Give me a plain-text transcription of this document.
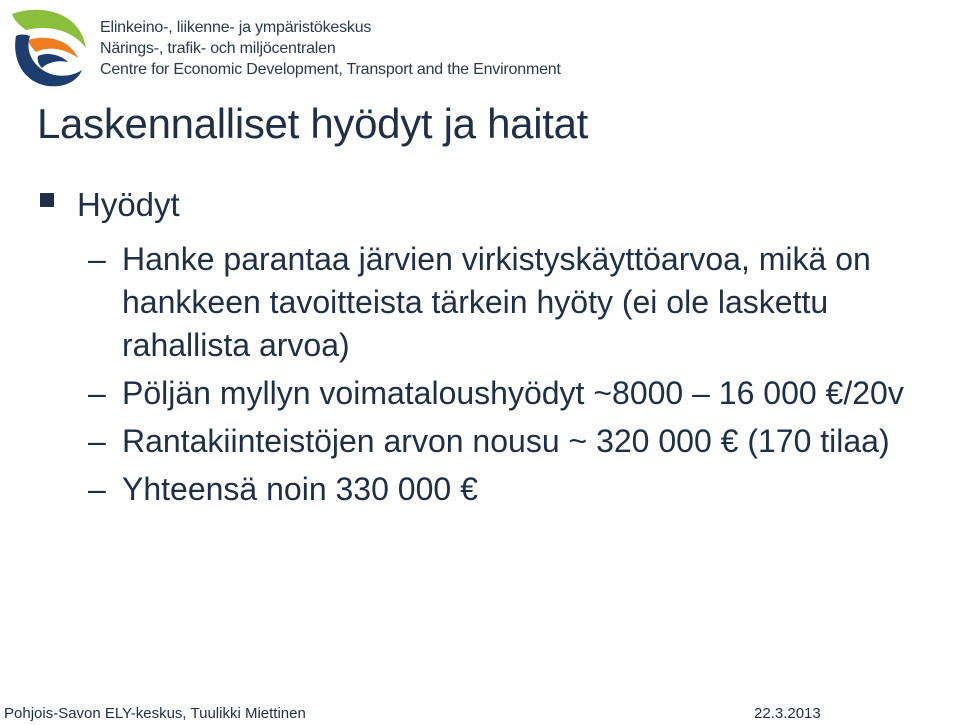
Elinkeino-, liikenne- ja ympäristökeskus
Närings-, trafik- och miljöcentralen
Centre for Economic Development, Transport and the Environment
Laskennalliset hyödyt ja haitat
Hyödyt
– Hanke parantaa järvien virkistyskäyttöarvoa, mikä on hankkeen tavoitteista tärkein hyöty (ei ole laskettu rahallista arvoa)
– Pöljän myllyn voimataloushyödyt ~8000 – 16 000 €/20v
– Rantakiinteistöjen arvon nousu ~ 320 000 € (170 tilaa)
– Yhteensä noin 330 000 €
Pohjois-Savon ELY-keskus, Tuulikki Miettinen	22.3.2013
